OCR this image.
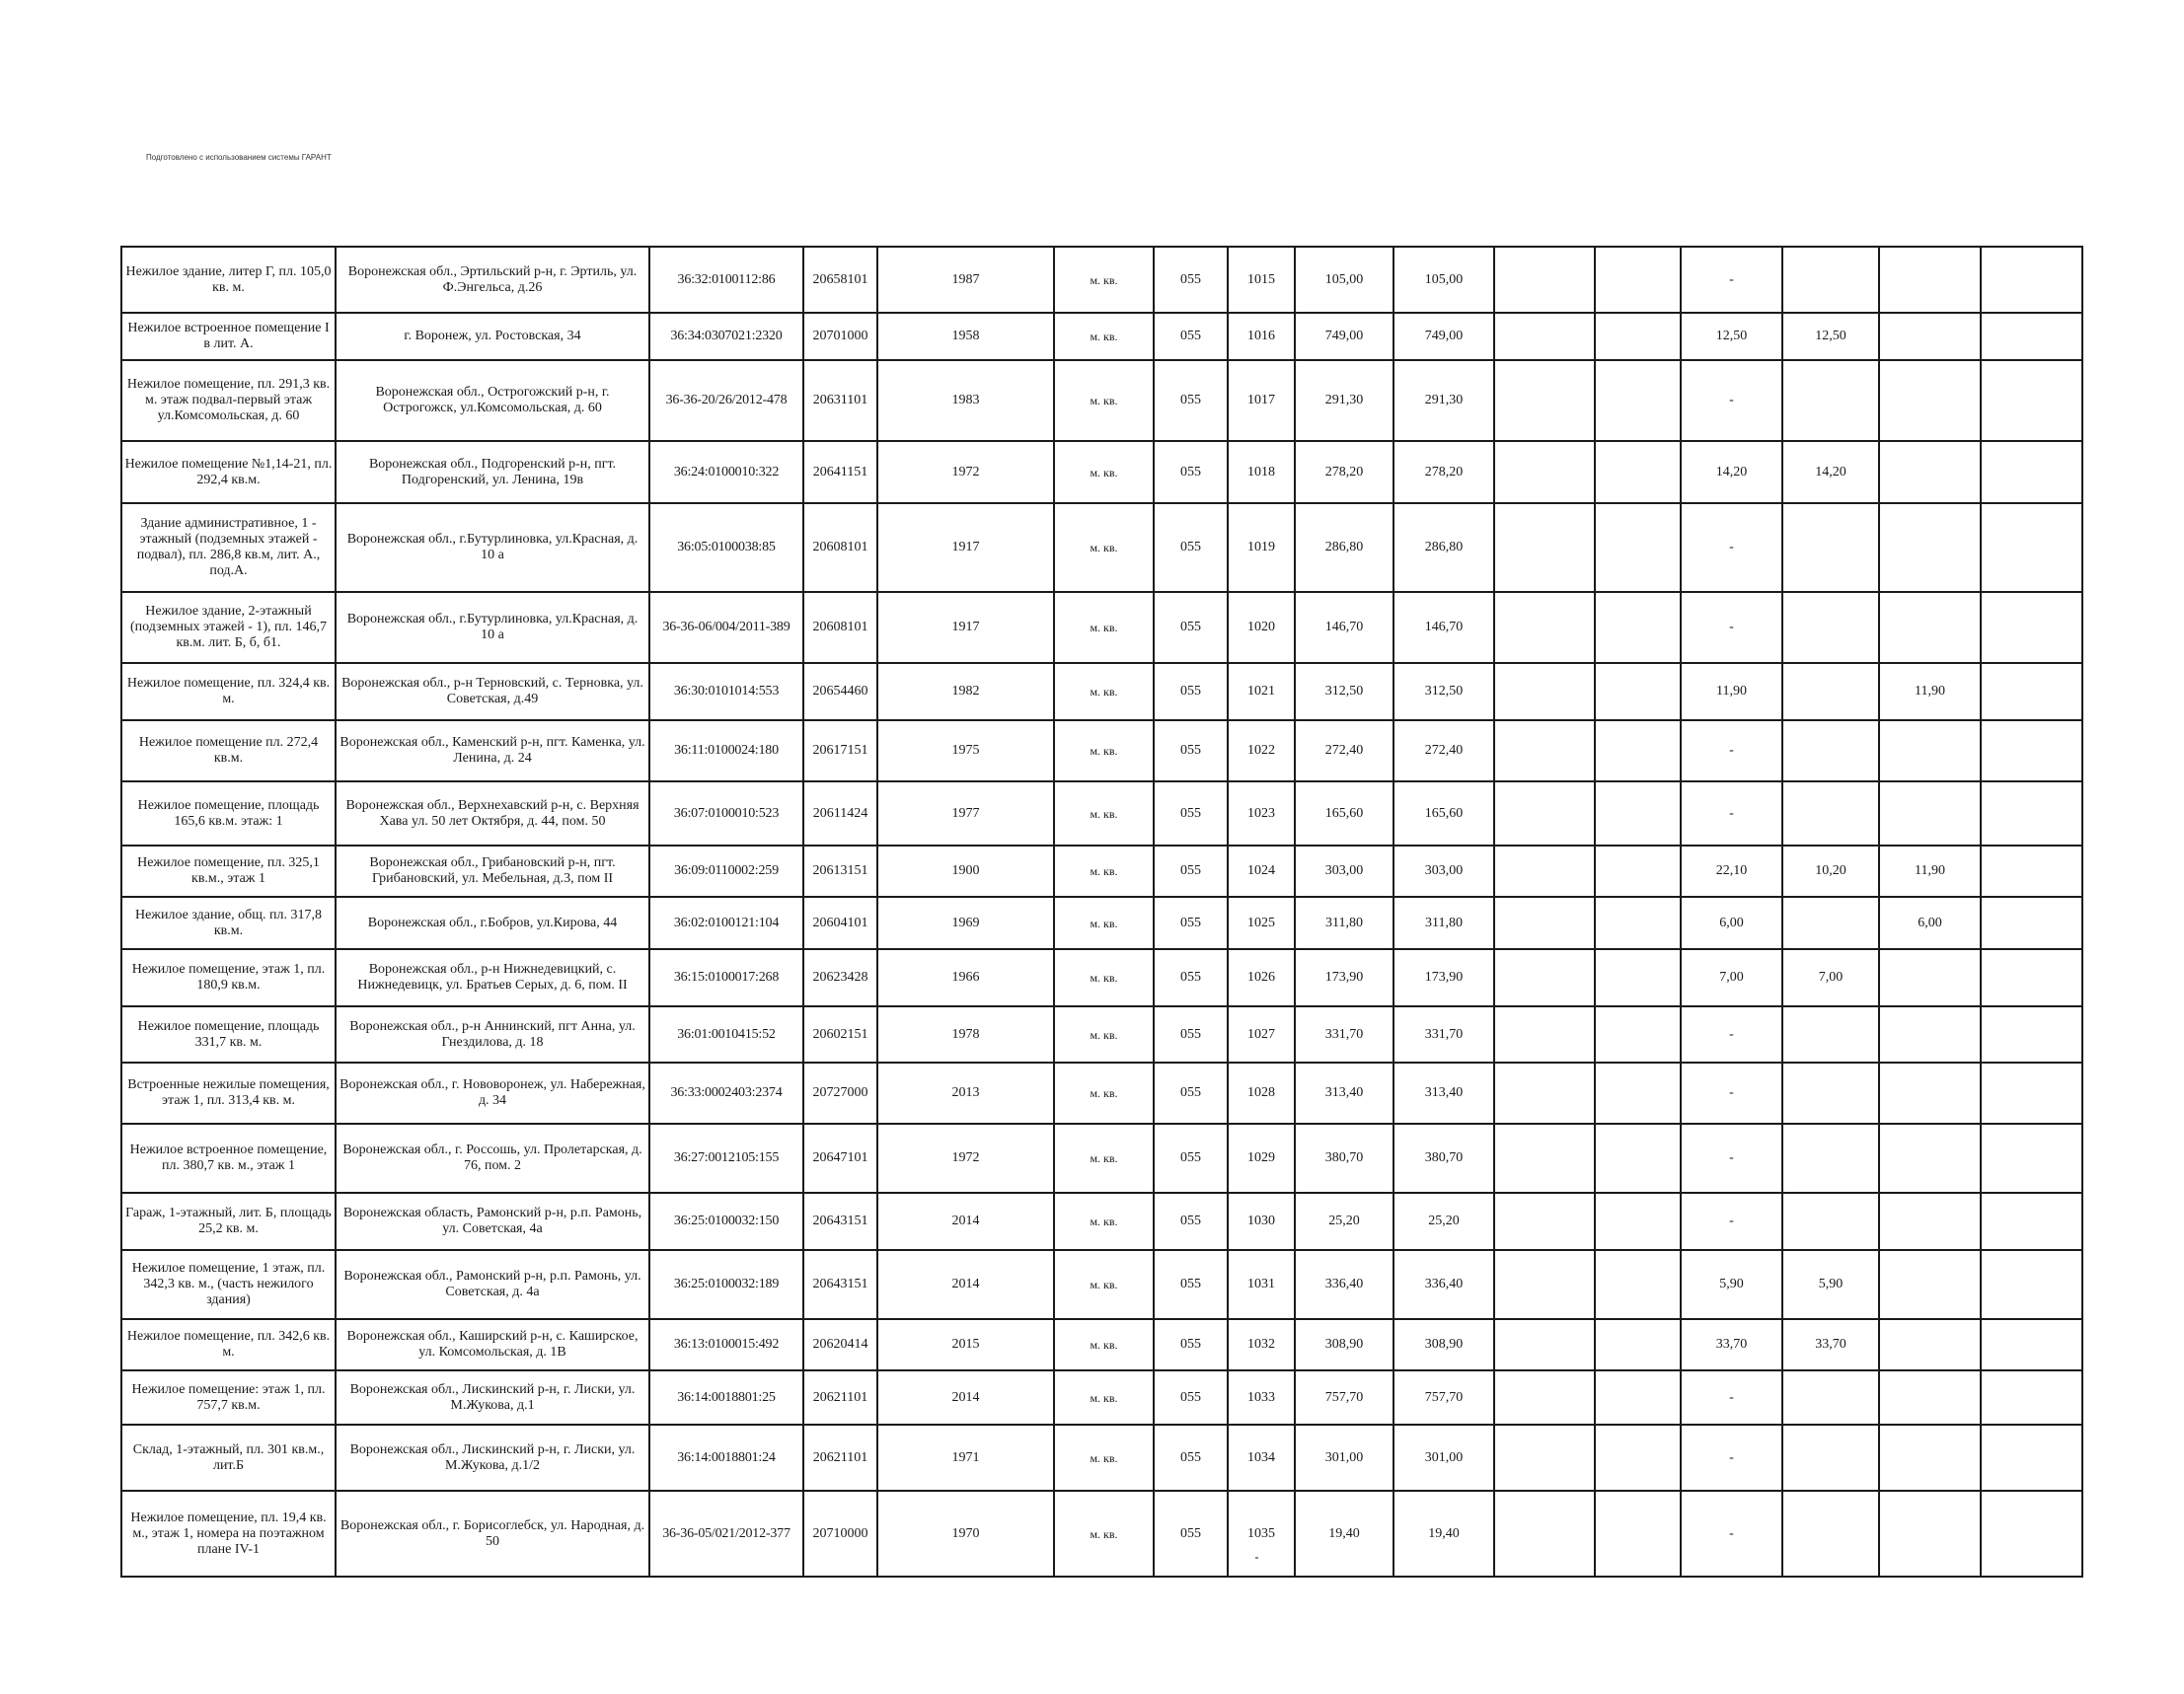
Подготовлено с использованием системы ГАРАНТ
Нежилое здание, литер Г, пл. 105,0 кв. м.	Воронежская обл., Эртильский р-н, г. Эртиль, ул. Ф.Энгельса, д.26	36:32:0100112:86	20658101	1987	м. кв.	055	1015	105,00	105,00			-			
Нежилое встроенное помещение I в лит. А.	г. Воронеж, ул. Ростовская, 34	36:34:0307021:2320	20701000	1958	м. кв.	055	1016	749,00	749,00			12,50	12,50		
Нежилое помещение, пл. 291,3 кв. м. этаж подвал-первый этаж ул.Комсомольская, д. 60	Воронежская обл., Острогожский р-н, г. Острогожск, ул.Комсомольская, д. 60	36-36-20/26/2012-478	20631101	1983	м. кв.	055	1017	291,30	291,30			-			
Нежилое помещение №1,14-21, пл. 292,4 кв.м.	Воронежская обл., Подгоренский р-н, пгт. Подгоренский, ул. Ленина, 19в	36:24:0100010:322	20641151	1972	м. кв.	055	1018	278,20	278,20			14,20	14,20		
Здание административное, 1 - этажный (подземных этажей - подвал), пл. 286,8 кв.м, лит. А., под.А.	Воронежская обл., г.Бутурлиновка, ул.Красная, д. 10 а	36:05:0100038:85	20608101	1917	м. кв.	055	1019	286,80	286,80			-			
Нежилое здание, 2-этажный (подземных этажей - 1), пл. 146,7 кв.м. лит. Б, б, б1.	Воронежская обл., г.Бутурлиновка, ул.Красная, д. 10 а	36-36-06/004/2011-389	20608101	1917	м. кв.	055	1020	146,70	146,70			-			
Нежилое помещение, пл. 324,4 кв. м.	Воронежская обл., р-н Терновский, с. Терновка, ул. Советская, д.49	36:30:0101014:553	20654460	1982	м. кв.	055	1021	312,50	312,50			11,90		11,90	
Нежилое помещение пл. 272,4 кв.м.	Воронежская обл., Каменский р-н, пгт. Каменка, ул. Ленина, д. 24	36:11:0100024:180	20617151	1975	м. кв.	055	1022	272,40	272,40			-			
Нежилое помещение, площадь 165,6 кв.м. этаж: 1	Воронежская обл., Верхнехавский р-н, с. Верхняя Хава ул. 50 лет Октября, д. 44, пом. 50	36:07:0100010:523	20611424	1977	м. кв.	055	1023	165,60	165,60			-			
Нежилое помещение, пл. 325,1 кв.м., этаж 1	Воронежская обл., Грибановский р-н, пгт. Грибановский, ул. Мебельная, д.3, пом II	36:09:0110002:259	20613151	1900	м. кв.	055	1024	303,00	303,00			22,10	10,20	11,90	
Нежилое здание, общ. пл. 317,8 кв.м.	Воронежская обл., г.Бобров, ул.Кирова, 44	36:02:0100121:104	20604101	1969	м. кв.	055	1025	311,80	311,80			6,00		6,00	
Нежилое помещение, этаж 1, пл. 180,9 кв.м.	Воронежская обл., р-н Нижнедевицкий, с. Нижнедевицк, ул. Братьев Серых, д. 6, пом. II	36:15:0100017:268	20623428	1966	м. кв.	055	1026	173,90	173,90			7,00	7,00		
Нежилое помещение, площадь 331,7 кв. м.	Воронежская обл., р-н Аннинский, пгт Анна, ул. Гнездилова, д. 18	36:01:0010415:52	20602151	1978	м. кв.	055	1027	331,70	331,70			-			
Встроенные нежилые помещения, этаж 1, пл. 313,4 кв. м.	Воронежская обл., г. Нововоронеж, ул. Набережная, д. 34	36:33:0002403:2374	20727000	2013	м. кв.	055	1028	313,40	313,40			-			
Нежилое встроенное помещение, пл. 380,7 кв. м., этаж 1	Воронежская обл., г. Россошь, ул. Пролетарская, д. 76, пом. 2	36:27:0012105:155	20647101	1972	м. кв.	055	1029	380,70	380,70			-			
Гараж, 1-этажный, лит. Б, площадь 25,2 кв. м.	Воронежская область, Рамонский р-н, р.п. Рамонь, ул. Советская, 4а	36:25:0100032:150	20643151	2014	м. кв.	055	1030	25,20	25,20			-			
Нежилое помещение, 1 этаж, пл. 342,3 кв. м., (часть нежилого здания)	Воронежская обл., Рамонский р-н, р.п. Рамонь, ул. Советская, д. 4а	36:25:0100032:189	20643151	2014	м. кв.	055	1031	336,40	336,40			5,90	5,90		
Нежилое помещение, пл. 342,6 кв. м.	Воронежская обл., Каширский р-н, с. Каширское, ул. Комсомольская, д. 1В	36:13:0100015:492	20620414	2015	м. кв.	055	1032	308,90	308,90			33,70	33,70		
Нежилое помещение: этаж 1, пл. 757,7 кв.м.	Воронежская обл., Лискинский р-н, г. Лиски, ул. М.Жукова, д.1	36:14:0018801:25	20621101	2014	м. кв.	055	1033	757,70	757,70			-			
Склад, 1-этажный, пл. 301 кв.м., лит.Б	Воронежская обл., Лискинский р-н, г. Лиски, ул. М.Жукова, д.1/2	36:14:0018801:24	20621101	1971	м. кв.	055	1034	301,00	301,00			-			
Нежилое помещение, пл. 19,4 кв. м., этаж 1, номера на поэтажном плане IV-1	Воронежская обл., г. Борисоглебск, ул. Народная, д. 50	36-36-05/021/2012-377	20710000	1970	м. кв.	055	1035	19,40	19,40			-			
